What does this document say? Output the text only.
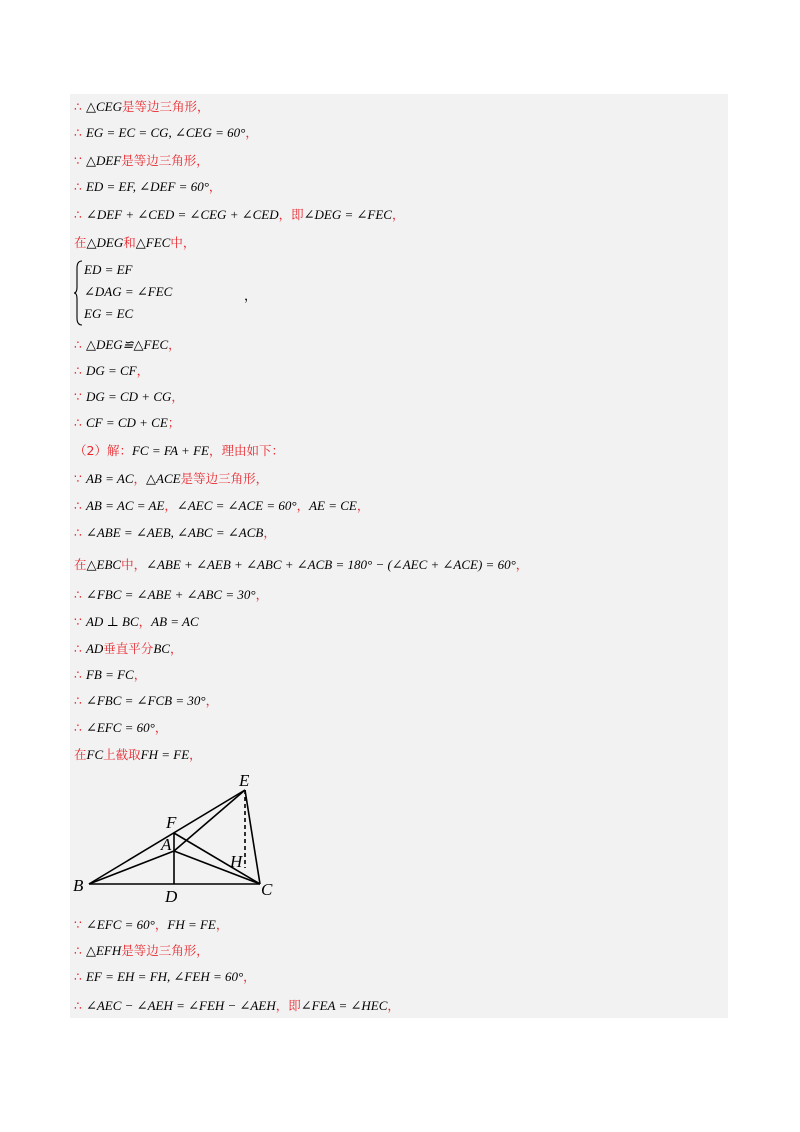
∴ △CEG是等边三角形，
∴ EG = EC = CG, ∠CEG = 60°，
∵ △DEF是等边三角形，
∴ ED = EF, ∠DEF = 60°，
∴ ∠DEF + ∠CED = ∠CEG + ∠CED，即∠DEG = ∠FEC，
在△DEG和△FEC中，
∴ △DEG≌△FEC，
∴ DG = CF，
∵ DG = CD + CG，
∴ CF = CD + CE；
（2）解：FC = FA + FE，理由如下：
∵ AB = AC，△ACE是等边三角形，
∴ AB = AC = AE，∠AEC = ∠ACE = 60°，AE = CE，
∴ ∠ABE = ∠AEB, ∠ABC = ∠ACB，
在△EBC中，∠ABE + ∠AEB + ∠ABC + ∠ACB = 180° − (∠AEC + ∠ACE) = 60°，
∴ ∠FBC = ∠ABE + ∠ABC = 30°，
∵ AD ⊥ BC，AB = AC
∴ AD垂直平分BC，
∴ FB = FC，
∴ ∠FBC = ∠FCB = 30°，
∴ ∠EFC = 60°，
在FC上截取FH = FE，
∵ ∠EFC = 60°，FH = FE，
∴ △EFH是等边三角形，
∴ EF = EH = FH, ∠FEH = 60°，
∴ ∠AEC − ∠AEH = ∠FEH − ∠AEH，即∠FEA = ∠HEC，
ED = EF
∠DAG = ∠FEC
EG = EC
，
E
F
A
H
B
D	C
